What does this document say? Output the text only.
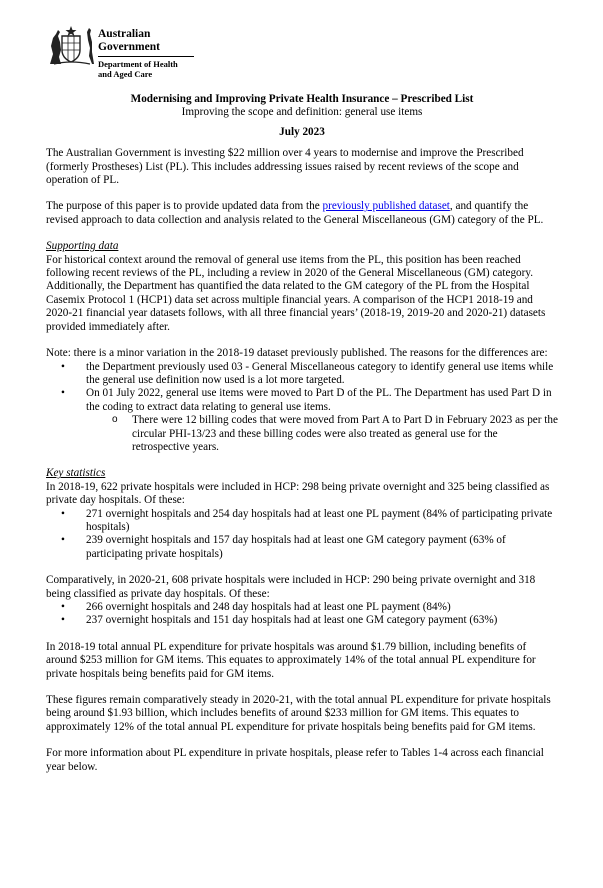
Australian Government
Department of Health
and Aged Care
Modernising and Improving Private Health Insurance – Prescribed List
Improving the scope and definition: general use items
July 2023

The Australian Government is investing $22 million over 4 years to modernise and improve the Prescribed (formerly Prostheses) List (PL). This includes addressing issues raised by recent reviews of the scope and operation of PL.

The purpose of this paper is to provide updated data from the previously published dataset, and quantify the revised approach to data collection and analysis related to the General Miscellaneous (GM) category of the PL.

Supporting data

For historical context around the removal of general use items from the PL, this position has been reached following recent reviews of the PL, including a review in 2020 of the General Miscellaneous (GM) category. Additionally, the Department has quantified the data related to the GM category of the PL from the Hospital Casemix Protocol 1 (HCP1) data set across multiple financial years. A comparison of the HCP1 2018-19 and 2020-21 financial year datasets follows, with all three financial years’ (2018-19, 2019-20 and 2020-21) datasets provided immediately after.

Note: there is a minor variation in the 2018-19 dataset previously published. The reasons for the differences are:
• the Department previously used 03 - General Miscellaneous category to identify general use items while the general use definition now used is a lot more targeted.
• On 01 July 2022, general use items were moved to Part D of the PL. The Department has used Part D in the coding to extract data relating to general use items.
o There were 12 billing codes that were moved from Part A to Part D in February 2023 as per the circular PHI-13/23 and these billing codes were also treated as general use for the retrospective years.
Key statistics
In 2018-19, 622 private hospitals were included in HCP: 298 being private overnight and 325 being classified as private day hospitals. Of these:
• 271 overnight hospitals and 254 day hospitals had at least one PL payment (84% of participating private hospitals)
• 239 overnight hospitals and 157 day hospitals had at least one GM category payment (63% of participating private hospitals)
Comparatively, in 2020-21, 608 private hospitals were included in HCP: 290 being private overnight and 318 being classified as private day hospitals. Of these:
• 266 overnight hospitals and 248 day hospitals had at least one PL payment (84%)
• 237 overnight hospitals and 151 day hospitals had at least one GM category payment (63%)

In 2018-19 total annual PL expenditure for private hospitals was around $1.79 billion, including benefits of around $253 million for GM items. This equates to approximately 14% of the total annual PL expenditure for private hospitals being benefits paid for GM items.

These figures remain comparatively steady in 2020-21, with the total annual PL expenditure for private hospitals being around $1.93 billion, which includes benefits of around $233 million for GM items. This equates to approximately 12% of the total annual PL expenditure for private hospitals being benefits paid for GM items.

For more information about PL expenditure in private hospitals, please refer to Tables 1-4 across each financial year below.
